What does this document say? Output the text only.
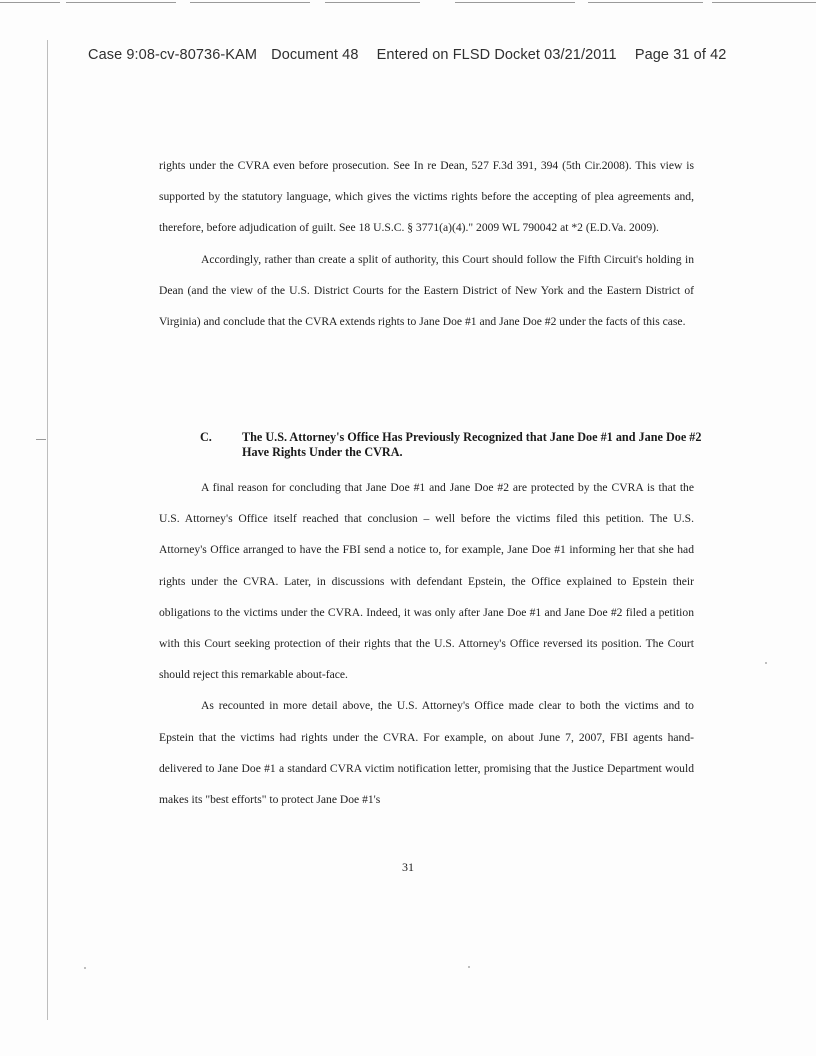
Case 9:08-cv-80736-KAM Document 48 Entered on FLSD Docket 03/21/2011 Page 31 of 42

rights under the CVRA even before prosecution. See In re Dean, 527 F.3d 391, 394 (5th Cir.2008). This view is supported by the statutory language, which gives the victims rights before the accepting of plea agreements and, therefore, before adjudication of guilt. See 18 U.S.C. § 3771(a)(4)." 2009 WL 790042 at *2 (E.D.Va. 2009).

Accordingly, rather than create a split of authority, this Court should follow the Fifth Circuit's holding in Dean (and the view of the U.S. District Courts for the Eastern District of New York and the Eastern District of Virginia) and conclude that the CVRA extends rights to Jane Doe #1 and Jane Doe #2 under the facts of this case.

C. The U.S. Attorney's Office Has Previously Recognized that Jane Doe #1 and Jane Doe #2 Have Rights Under the CVRA.

A final reason for concluding that Jane Doe #1 and Jane Doe #2 are protected by the CVRA is that the U.S. Attorney's Office itself reached that conclusion – well before the victims filed this petition. The U.S. Attorney's Office arranged to have the FBI send a notice to, for example, Jane Doe #1 informing her that she had rights under the CVRA. Later, in discussions with defendant Epstein, the Office explained to Epstein their obligations to the victims under the CVRA. Indeed, it was only after Jane Doe #1 and Jane Doe #2 filed a petition with this Court seeking protection of their rights that the U.S. Attorney's Office reversed its position. The Court should reject this remarkable about-face.

As recounted in more detail above, the U.S. Attorney's Office made clear to both the victims and to Epstein that the victims had rights under the CVRA. For example, on about June 7, 2007, FBI agents hand-delivered to Jane Doe #1 a standard CVRA victim notification letter, promising that the Justice Department would makes its "best efforts" to protect Jane Doe #1's

31
